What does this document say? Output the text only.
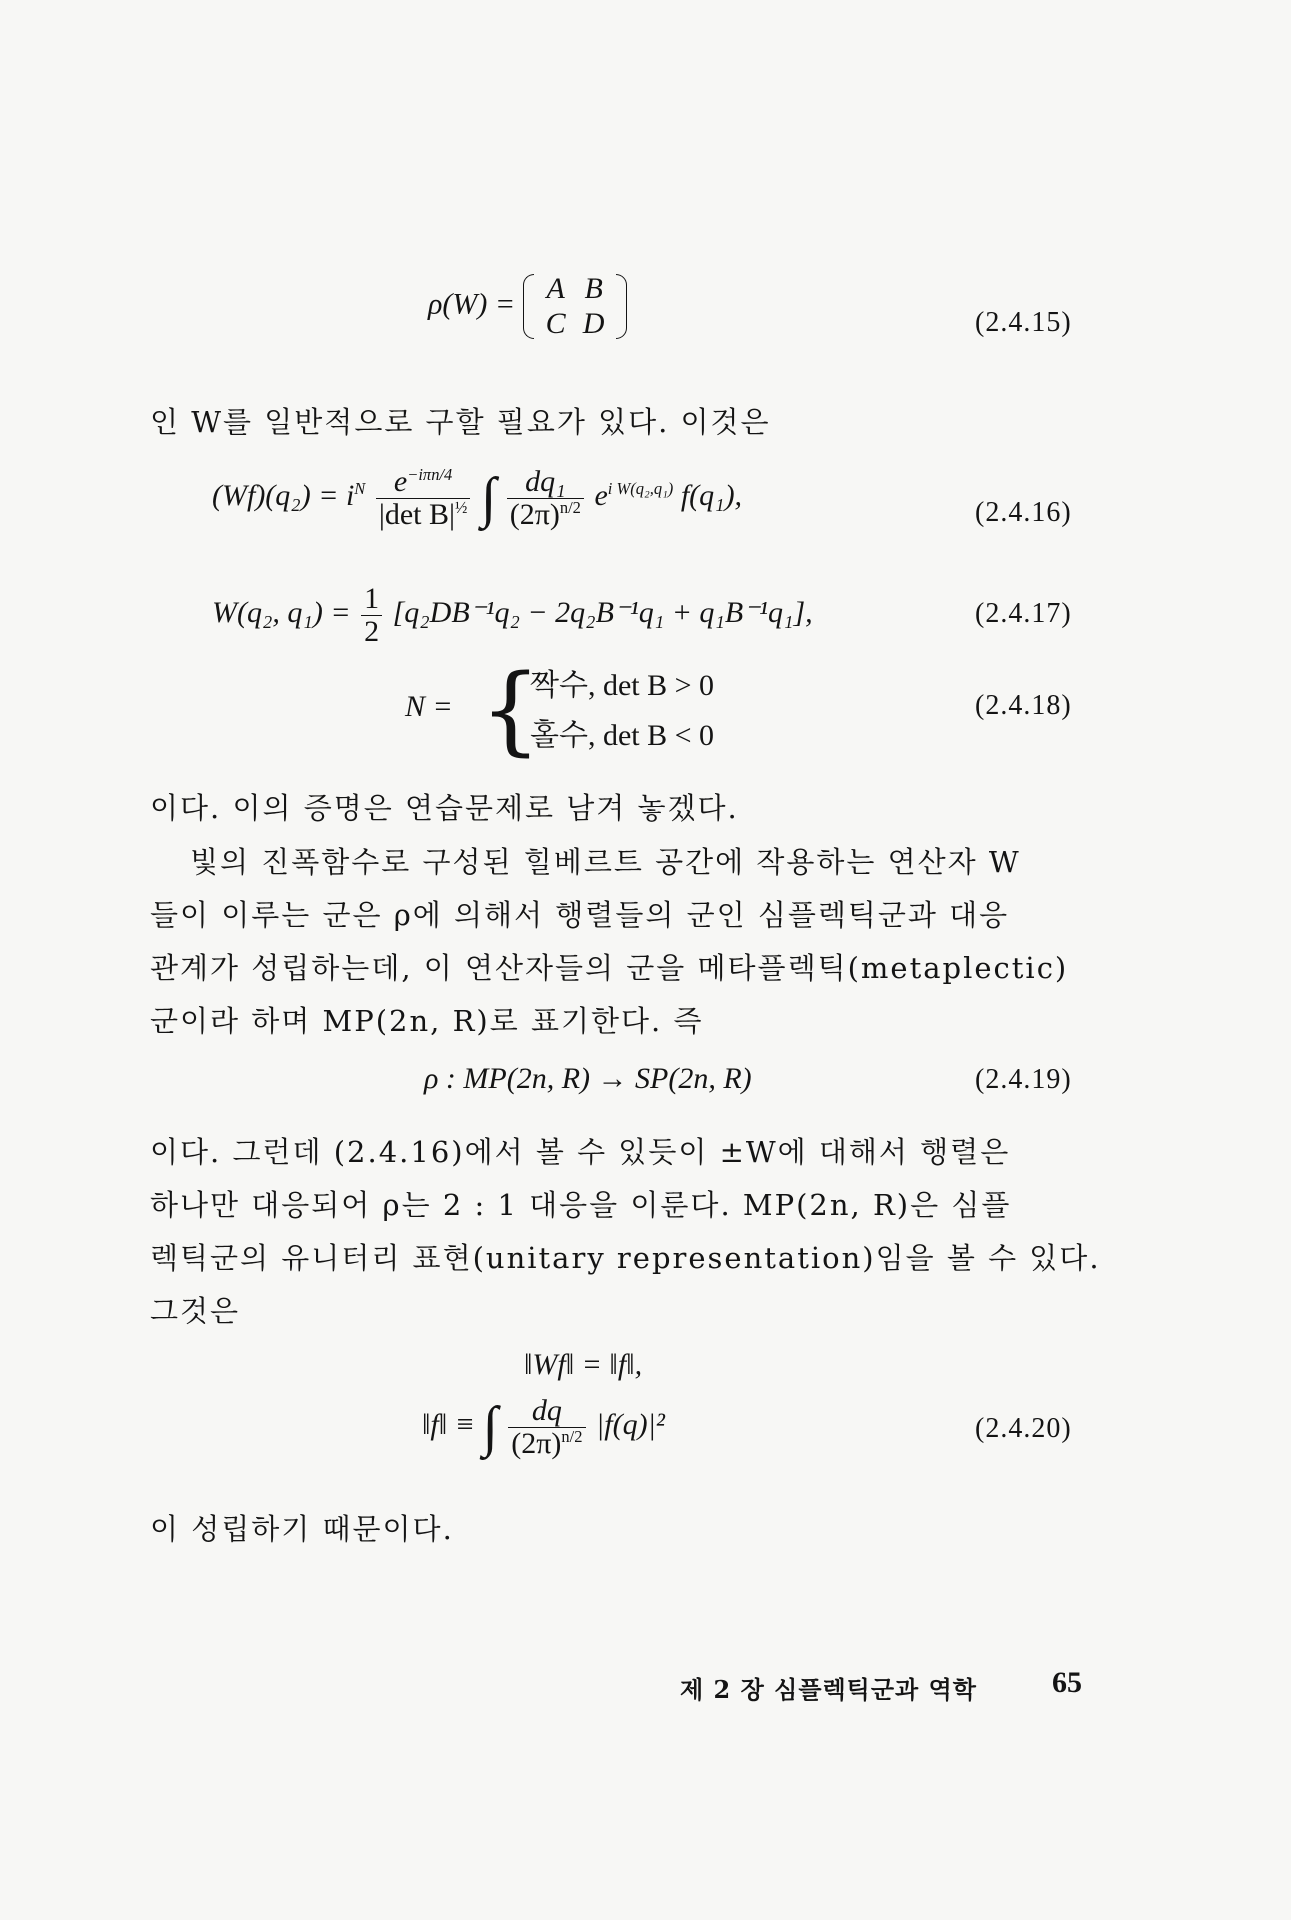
ρ(W) =	A B
C D	(2.4.15)
인 W를 일반적으로 구할 필요가 있다. 이것은
$(Wf)(q_2) = i^N \frac{e^{-i\pi n/4}}{|\det B|^{\frac{1}{2}}}$ ∫ $\frac{\text{dq₁}}{(2\pi)^{n/2}} e^{i W(q_2,q_1)}$ f(q₁),
(2.4.16)
W(q₂, $q_1) = \frac{1}{2} [q_2DB^{-1}q_2 - 2q_2B^{-1}q_1 + q_1B^{-1}q_1]$,	(2.4.17)
N = {
짝수, det B > 0
홀수, det B < 0
(2.4.18)
이다. 이의 증명은 연습문제로 남겨 놓겠다.
빛의 진폭함수로 구성된 힐베르트 공간에 작용하는 연산자 W
들이 이루는 군은 ρ에 의해서 행렬들의 군인 심플렉틱군과 대응
관계가 성립하는데, 이 연산자들의 군을 메타플렉틱(metaplectic)
군이라 하며 MP(2n, R)로 표기한다. 즉
ρ : MP(2n, R) → SP(2n, R)	(2.4.19)
이다. 그런데 (2.4.16)에서 볼 수 있듯이 ±W에 대해서 행렬은
하나만 대응되어 ρ는 2 : 1 대응을 이룬다. MP(2n, R)은 심플
렉틱군의 유니터리 표현(unitary representation)임을 볼 수 있다.
그것은
‖Wf‖ = ‖f‖,
‖f‖ ≡ ∫ $\frac{dq}{(2\pi)^{n/2}} |f(q)|^2$	(2.4.20)
이 성립하기 때문이다.
제 2 장 심플렉틱군과 역학	65
